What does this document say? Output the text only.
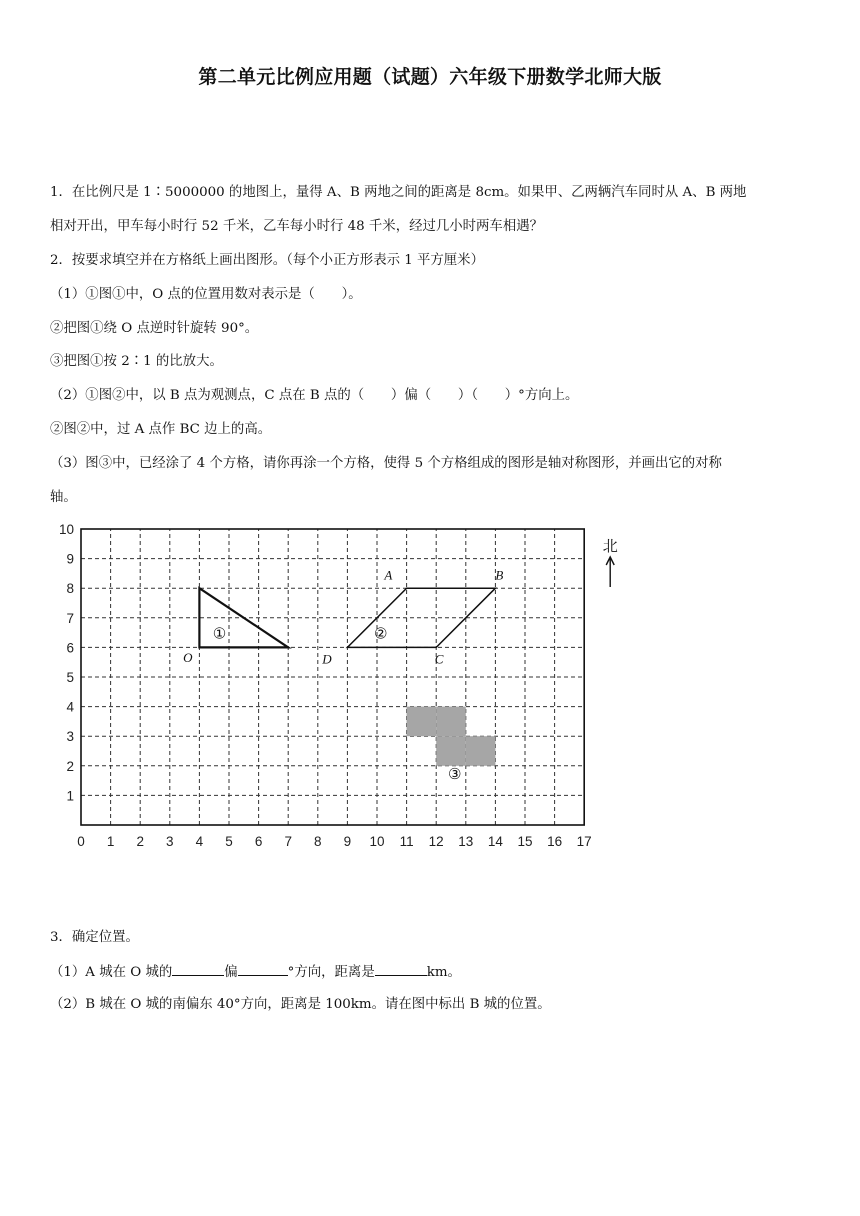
第二单元比例应用题（试题）六年级下册数学北师大版
1．在比例尺是 1∶5000000 的地图上，量得 A、B 两地之间的距离是 8cm。如果甲、乙两辆汽车同时从 A、B 两地
相对开出，甲车每小时行 52 千米，乙车每小时行 48 千米，经过几小时两车相遇？
2．按要求填空并在方格纸上画出图形。（每个小正方形表示 1 平方厘米）
（1）①图①中，O 点的位置用数对表示是（　　）。
②把图①绕 O 点逆时针旋转 90°。
③把图①按 2∶1 的比放大。
（2）①图②中，以 B 点为观测点，C 点在 B 点的（　　）偏（　　）（　　）°方向上。
②图②中，过 A 点作 BC 边上的高。
（3）图③中，已经涂了 4 个方格，请你再涂一个方格，使得 5 个方格组成的图形是轴对称图形，并画出它的对称
轴。
0 1 2 3 4 5 6 7 8 9 10 11 12 13 14 15 16 17
1
2
3
4
5
6
7
8
9
10
①
O
②
A	B
C
D
③
北
3．确定位置。
（1）A 城在 O 城的	偏	°方向，距离是	km。
（2）B 城在 O 城的南偏东 40°方向，距离是 100km。请在图中标出 B 城的位置。
